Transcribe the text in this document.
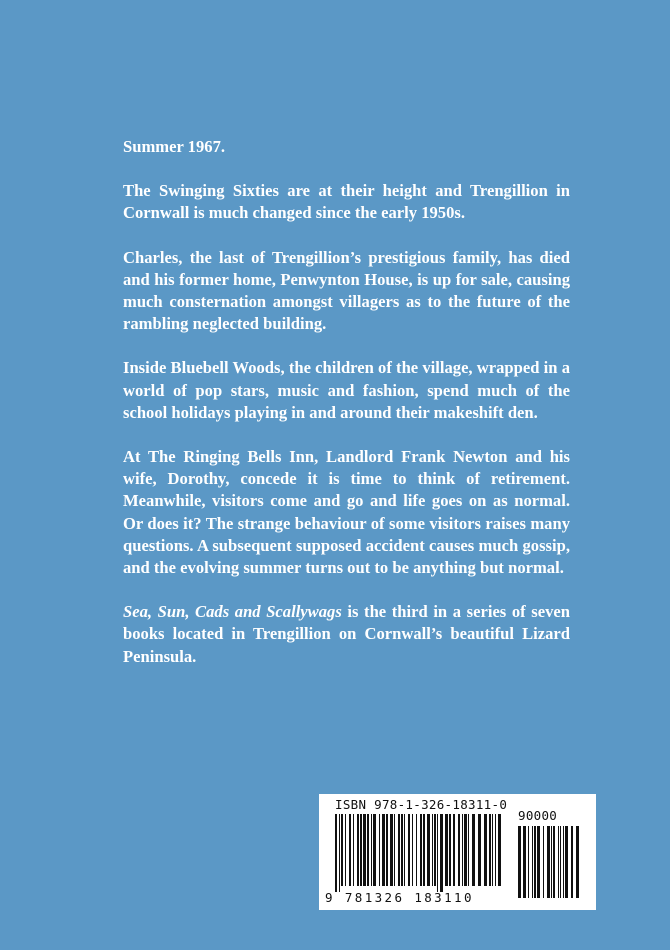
Summer 1967.

The Swinging Sixties are at their height and Trengillion in Cornwall is much changed since the early 1950s.

Charles, the last of Trengillion’s prestigious family, has died and his former home, Penwynton House, is up for sale, causing much consternation amongst villagers as to the future of the rambling neglected building.

Inside Bluebell Woods, the children of the village, wrapped in a world of pop stars, music and fashion, spend much of the school holidays playing in and around their makeshift den.

At The Ringing Bells Inn, Landlord Frank Newton and his wife, Dorothy, concede it is time to think of retirement. Meanwhile, visitors come and go and life goes on as normal. Or does it? The strange behaviour of some visitors raises many questions. A subsequent supposed accident causes much gossip, and the evolving summer turns out to be anything but normal.

Sea, Sun, Cads and Scallywags is the third in a series of seven books located in Trengillion on Cornwall’s beautiful Lizard Peninsula.

ISBN 978-1-326-18311-0
90000
9 781326 183110
